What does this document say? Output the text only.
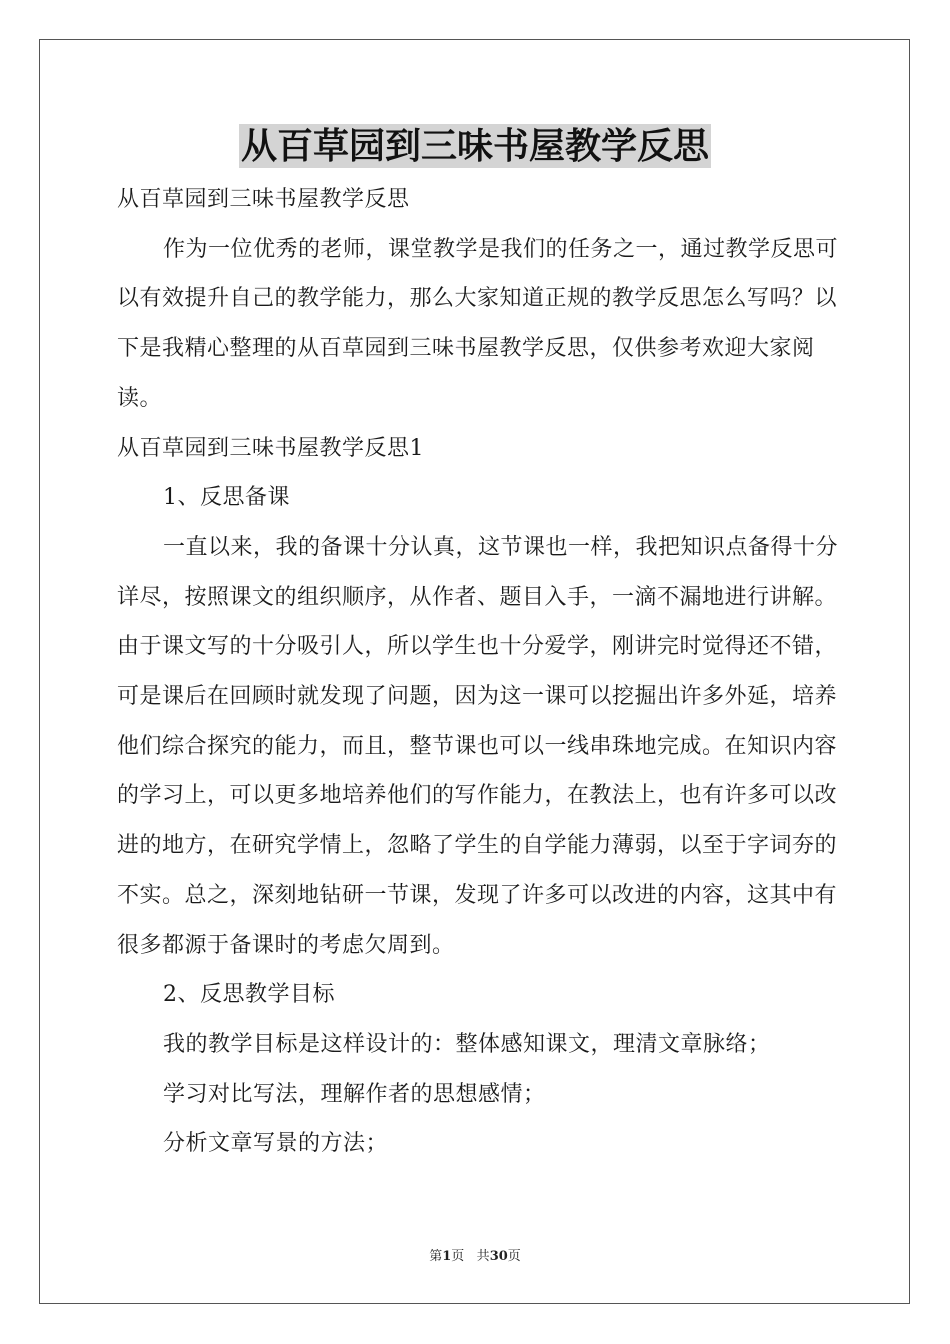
从百草园到三味书屋教学反思

从百草园到三味书屋教学反思

作为一位优秀的老师，课堂教学是我们的任务之一，通过教学反思可以有效提升自己的教学能力，那么大家知道正规的教学反思怎么写吗？以下是我精心整理的从百草园到三味书屋教学反思，仅供参考欢迎大家阅读。

从百草园到三味书屋教学反思1

1、反思备课

一直以来，我的备课十分认真，这节课也一样，我把知识点备得十分详尽，按照课文的组织顺序，从作者、题目入手，一滴不漏地进行讲解。由于课文写的十分吸引人，所以学生也十分爱学，刚讲完时觉得还不错，可是课后在回顾时就发现了问题，因为这一课可以挖掘出许多外延，培养他们综合探究的能力，而且，整节课也可以一线串珠地完成。在知识内容的学习上，可以更多地培养他们的写作能力，在教法上，也有许多可以改进的地方，在研究学情上，忽略了学生的自学能力薄弱，以至于字词夯的不实。总之，深刻地钻研一节课，发现了许多可以改进的内容，这其中有很多都源于备课时的考虑欠周到。

2、反思教学目标

我的教学目标是这样设计的：整体感知课文，理清文章脉络；

学习对比写法，理解作者的思想感情；

分析文章写景的方法；

第1页 共30页
